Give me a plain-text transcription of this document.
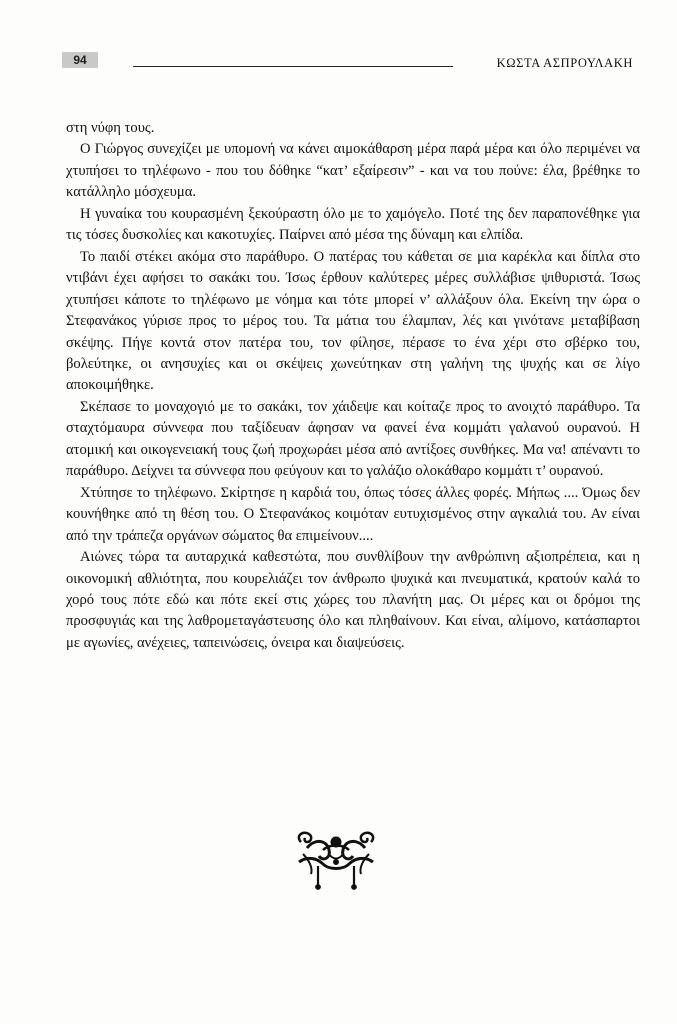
94	ΚΩΣΤΑ ΑΣΠΡΟΥΛΑΚΗ

στη νύφη τους.

Ο Γιώργος συνεχίζει με υπομονή να κάνει αιμοκάθαρση μέρα παρά μέρα και όλο περιμένει να χτυπήσει το τηλέφωνο - που του δόθηκε “κατ’ εξαίρεσιν” - και να του πούνε: έλα, βρέθηκε το κατάλληλο μόσχευμα.

Η γυναίκα του κουρασμένη ξεκούραστη όλο με το χαμόγελο. Ποτέ της δεν παραπονέθηκε για τις τόσες δυσκολίες και κακοτυχίες. Παίρνει από μέσα της δύναμη και ελπίδα.

Το παιδί στέκει ακόμα στο παράθυρο. Ο πατέρας του κάθεται σε μια καρέκλα και δίπλα στο ντιβάνι έχει αφήσει το σακάκι του. Ίσως έρθουν καλύτερες μέρες συλλάβισε ψιθυριστά. Ίσως χτυπήσει κάποτε το τηλέφωνο με νόημα και τότε μπορεί ν’ αλλάξουν όλα. Εκείνη την ώρα ο Στεφανάκος γύρισε προς το μέρος του. Τα μάτια του έλαμπαν, λές και γινότανε μεταβίβαση σκέψης. Πήγε κοντά στον πατέρα του, τον φίλησε, πέρασε το ένα χέρι στο σβέρκο του, βολεύτηκε, οι ανησυχίες και οι σκέψεις χωνεύτηκαν στη γαλήνη της ψυχής και σε λίγο αποκοιμήθηκε.

Σκέπασε το μοναχογιό με το σακάκι, τον χάιδεψε και κοίταζε προς το ανοιχτό παράθυρο. Τα σταχτόμαυρα σύννεφα που ταξίδευαν άφησαν να φανεί ένα κομμάτι γαλανού ουρανού. Η ατομική και οικογενειακή τους ζωή προχωράει μέσα από αντίξοες συνθήκες. Μα να! απέναντι το παράθυρο. Δείχνει τα σύννεφα που φεύγουν και το γαλάζιο ολοκάθαρο κομμάτι τ’ ουρανού.

Χτύπησε το τηλέφωνο. Σκίρτησε η καρδιά του, όπως τόσες άλλες φορές. Μήπως .... Όμως δεν κουνήθηκε από τη θέση του. Ο Στεφανάκος κοιμόταν ευτυχισμένος στην αγκαλιά του. Αν είναι από την τράπεζα οργάνων σώματος θα επιμείνουν....

Αιώνες τώρα τα αυταρχικά καθεστώτα, που συνθλίβουν την ανθρώπινη αξιοπρέπεια, και η οικονομική αθλιότητα, που κουρελιάζει τον άνθρωπο ψυχικά και πνευματικά, κρατούν καλά το χορό τους πότε εδώ και πότε εκεί στις χώρες του πλανήτη μας. Οι μέρες και οι δρόμοι της προσφυγιάς και της λαθρομεταγάστευσης όλο και πληθαίνουν. Και είναι, αλίμονο, κατάσπαρτοι με αγωνίες, ανέχειες, ταπεινώσεις, όνειρα και διαψεύσεις.
